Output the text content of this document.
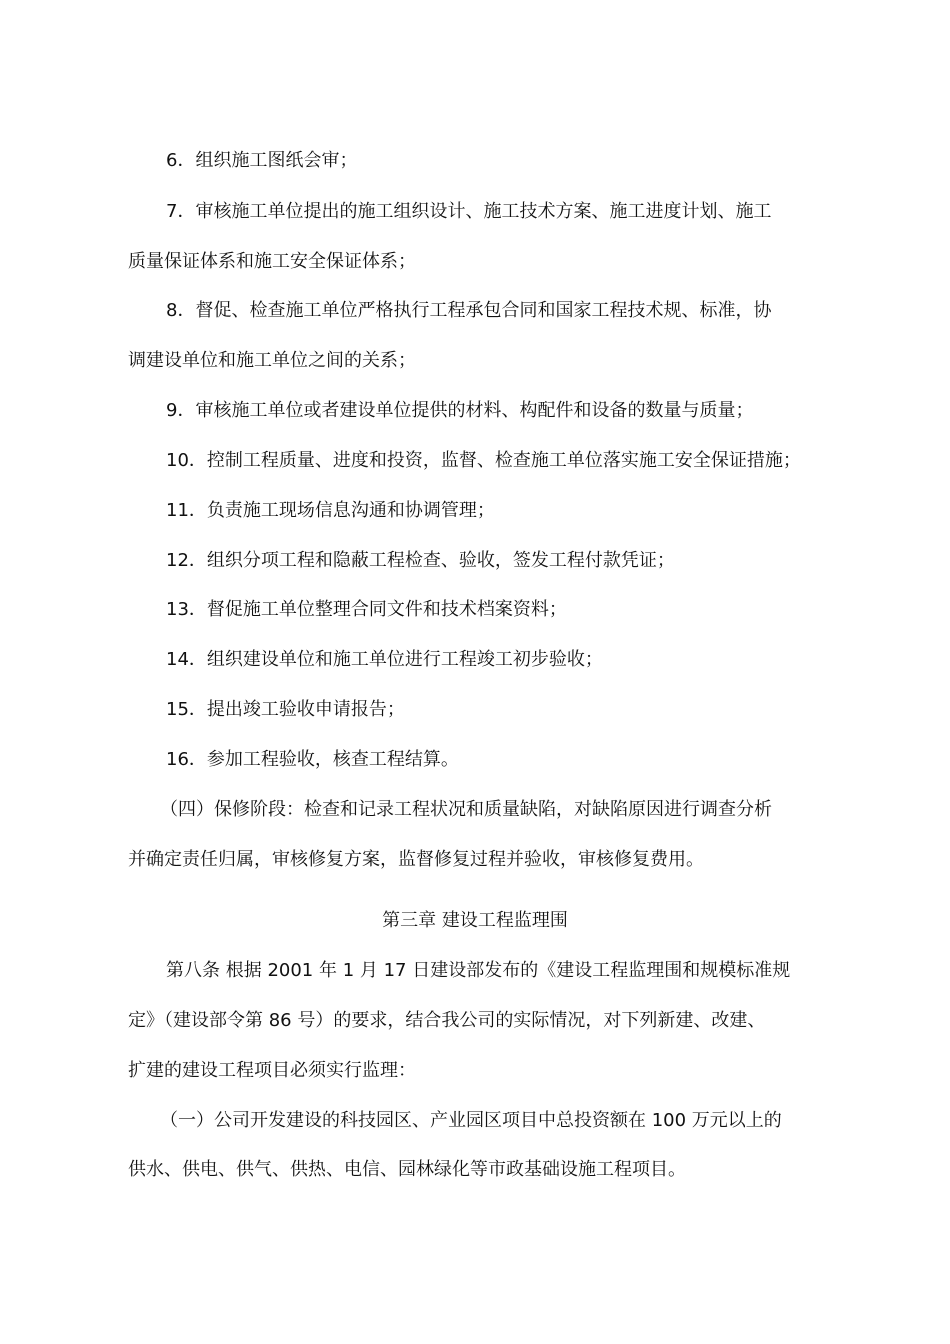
6．组织施工图纸会审；
7．审核施工单位提出的施工组织设计、施工技术方案、施工进度计划、施工
质量保证体系和施工安全保证体系；
8．督促、检查施工单位严格执行工程承包合同和国家工程技术规、标准，协
调建设单位和施工单位之间的关系；
9．审核施工单位或者建设单位提供的材料、构配件和设备的数量与质量；
10．控制工程质量、进度和投资，监督、检查施工单位落实施工安全保证措施；
11．负责施工现场信息沟通和协调管理；
12．组织分项工程和隐蔽工程检查、验收，签发工程付款凭证；
13．督促施工单位整理合同文件和技术档案资料；
14．组织建设单位和施工单位进行工程竣工初步验收；
15．提出竣工验收申请报告；
16．参加工程验收，核查工程结算。
（四）保修阶段：检查和记录工程状况和质量缺陷，对缺陷原因进行调查分析
并确定责任归属，审核修复方案，监督修复过程并验收，审核修复费用。
第三章 建设工程监理围
第八条 根据 2001 年 1 月 17 日建设部发布的《建设工程监理围和规模标准规
定》（建设部令第 86 号）的要求，结合我公司的实际情况，对下列新建、改建、
扩建的建设工程项目必须实行监理：
（一）公司开发建设的科技园区、产业园区项目中总投资额在 100 万元以上的
供水、供电、供气、供热、电信、园林绿化等市政基础设施工程项目。
